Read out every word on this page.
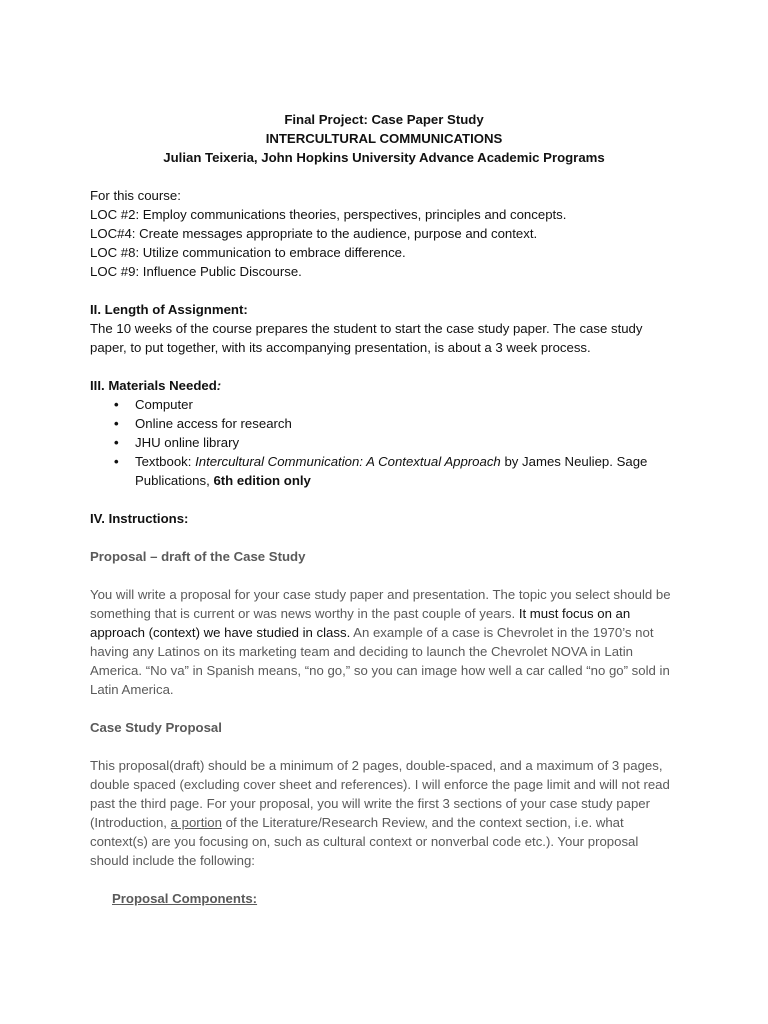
Final Project: Case Paper Study
INTERCULTURAL COMMUNICATIONS
Julian Teixeria, John Hopkins University Advance Academic Programs

For this course:

LOC #2: Employ communications theories, perspectives, principles and concepts.

LOC#4: Create messages appropriate to the audience, purpose and context.

LOC #8: Utilize communication to embrace difference.

LOC #9: Influence Public Discourse.

II. Length of Assignment:

The 10 weeks of the course prepares the student to start the case study paper. The case study paper, to put together, with its accompanying presentation, is about a 3 week process.

III. Materials Needed:

• Computer
• Online access for research
• JHU online library
• Textbook: Intercultural Communication: A Contextual Approach by James Neuliep. Sage Publications, 6th edition only

IV. Instructions:

Proposal – draft of the Case Study

You will write a proposal for your case study paper and presentation. The topic you select should be something that is current or was news worthy in the past couple of years. It must focus on an approach (context) we have studied in class. An example of a case is Chevrolet in the 1970’s not having any Latinos on its marketing team and deciding to launch the Chevrolet NOVA in Latin America. “No va” in Spanish means, “no go,” so you can image how well a car called “no go” sold in Latin America.

Case Study Proposal

This proposal(draft) should be a minimum of 2 pages, double-spaced, and a maximum of 3 pages, double spaced (excluding cover sheet and references). I will enforce the page limit and will not read past the third page. For your proposal, you will write the first 3 sections of your case study paper (Introduction, a portion of the Literature/Research Review, and the context section, i.e. what context(s) are you focusing on, such as cultural context or nonverbal code etc.). Your proposal should include the following:

Proposal Components:
